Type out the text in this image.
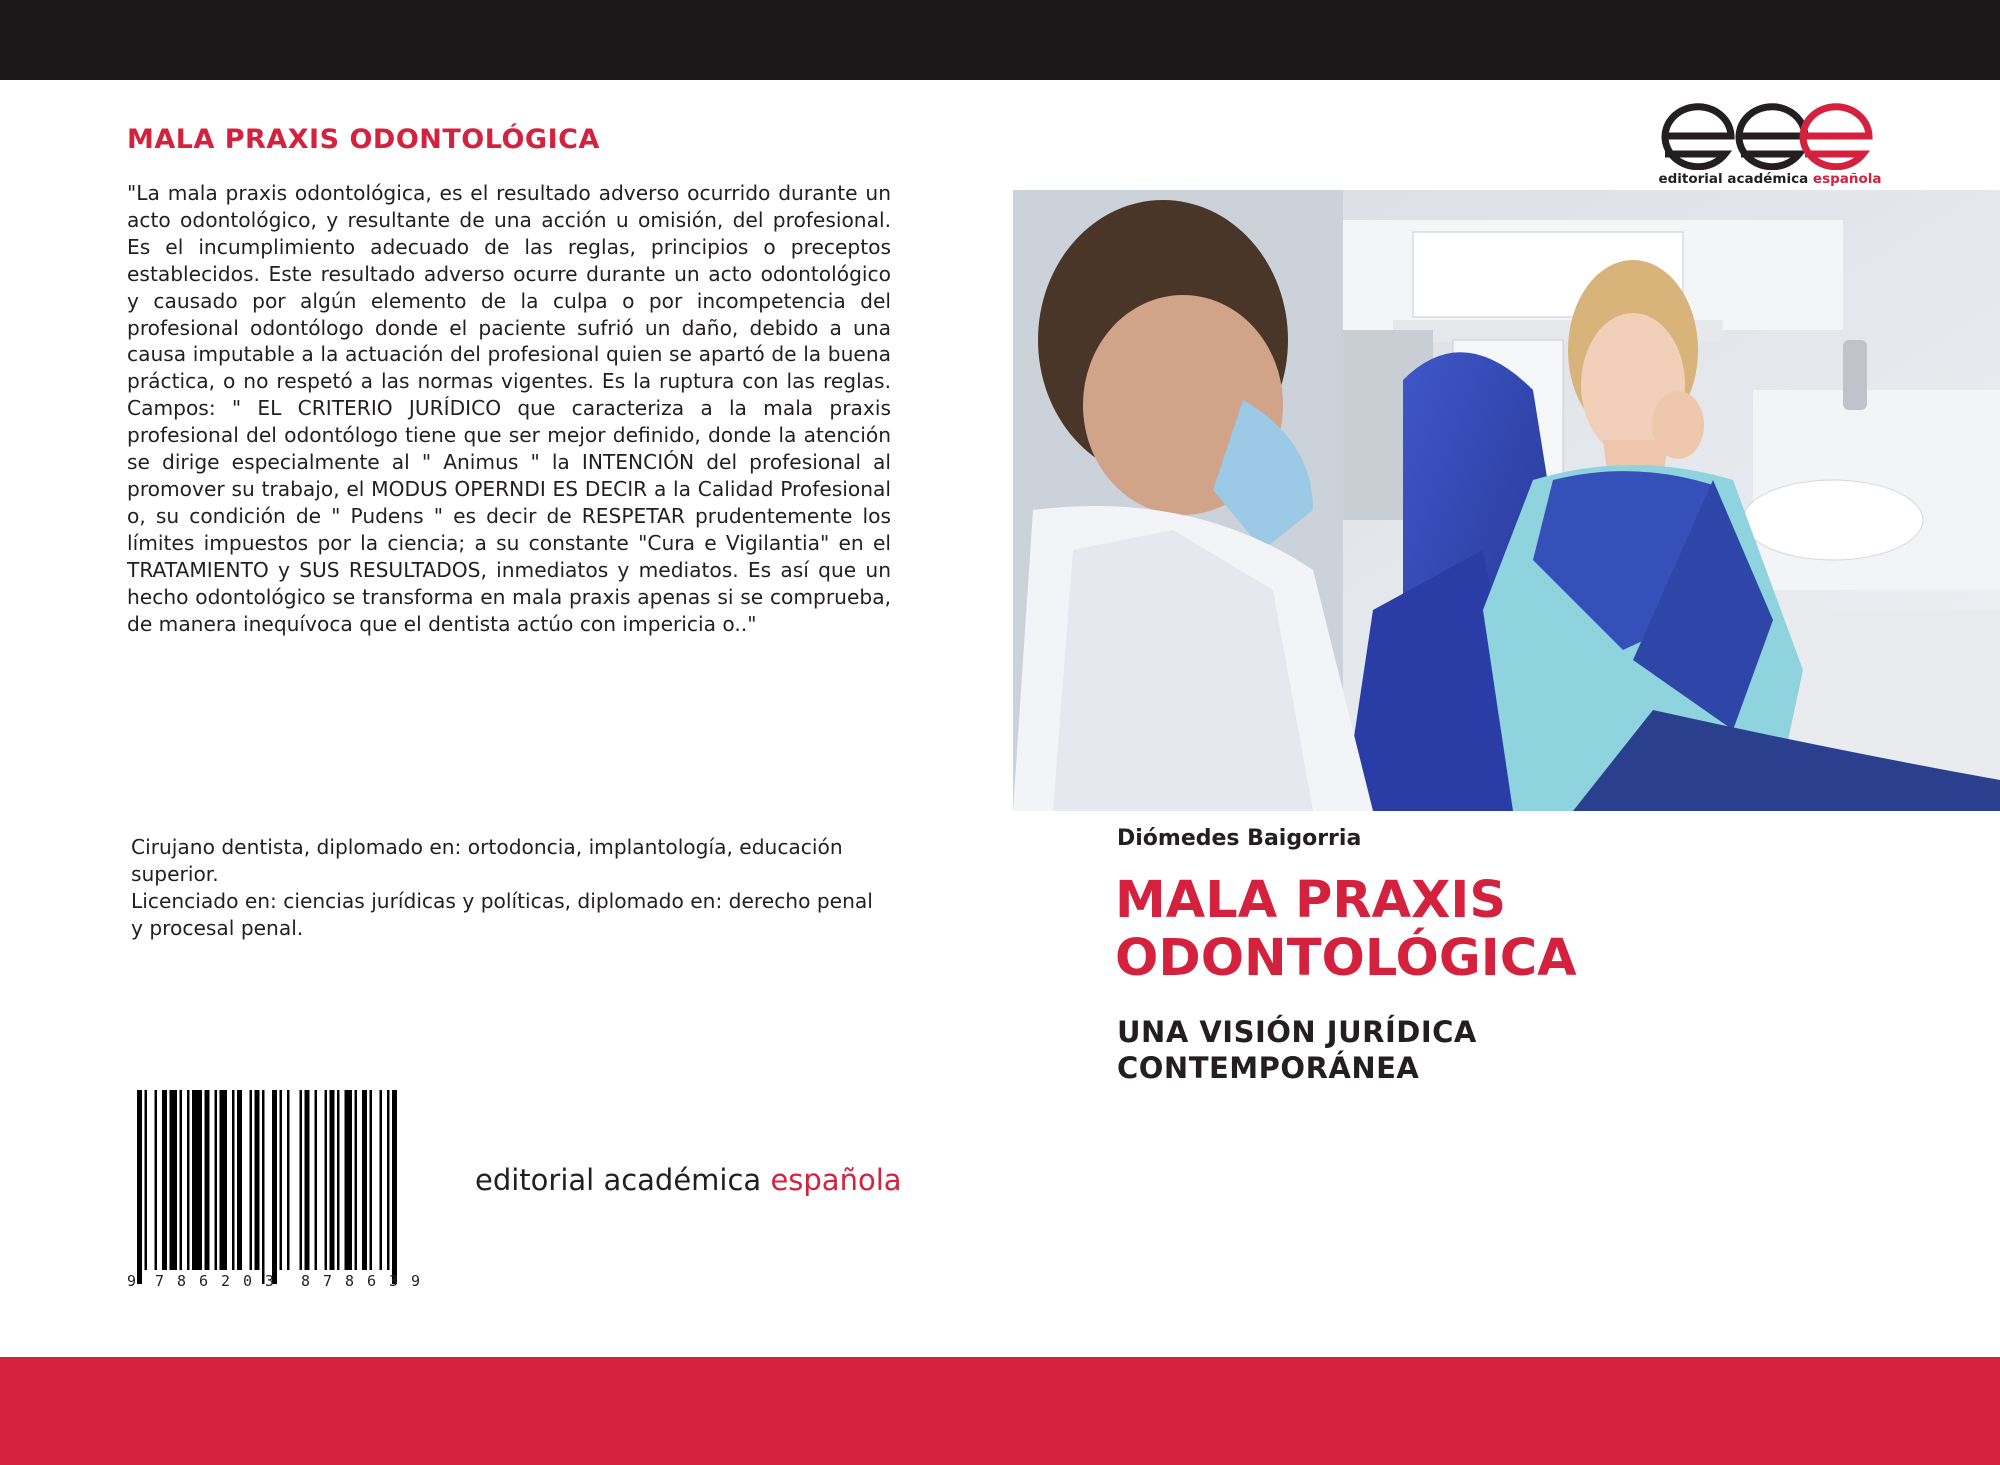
MALA PRAXIS ODONTOLÓGICA

"La mala praxis odontológica, es el resultado adverso ocurrido durante un acto odontológico, y resultante de una acción u omisión, del profesional. Es el incumplimiento adecuado de las reglas, principios o preceptos establecidos. Este resultado adverso ocurre durante un acto odontológico y causado por algún elemento de la culpa o por incompetencia del profesional odontólogo donde el paciente sufrió un daño, debido a una causa imputable a la actuación del profesional quien se apartó de la buena práctica, o no respetó a las normas vigentes. Es la ruptura con las reglas. Campos: " EL CRITERIO JURÍDICO que caracteriza a la mala praxis profesional del odontólogo tiene que ser mejor definido, donde la atención se dirige especialmente al " Animus " la INTENCIÓN del profesional al promover su trabajo, el MODUS OPERNDI ES DECIR a la Calidad Profesional o, su condición de " Pudens " es decir de RESPETAR prudentemente los límites impuestos por la ciencia; a su constante "Cura e Vigilantia" en el TRATAMIENTO y SUS RESULTADOS, inmediatos y mediatos. Es así que un hecho odontológico se transforma en mala praxis apenas si se comprueba, de manera inequívoca que el dentista actúo con impericia o.."

Cirujano dentista, diplomado en: ortodoncia, implantología, educación superior.

Licenciado en: ciencias jurídicas y políticas, diplomado en: derecho penal y procesal penal.

9 7 8 6 2 0 3 8 7 8 6 3 9
editorial académica española
editorial académica española

Diómedes Baigorria

MALA PRAXIS
ODONTOLÓGICA
UNA VISIÓN JURÍDICA
CONTEMPORÁNEA
